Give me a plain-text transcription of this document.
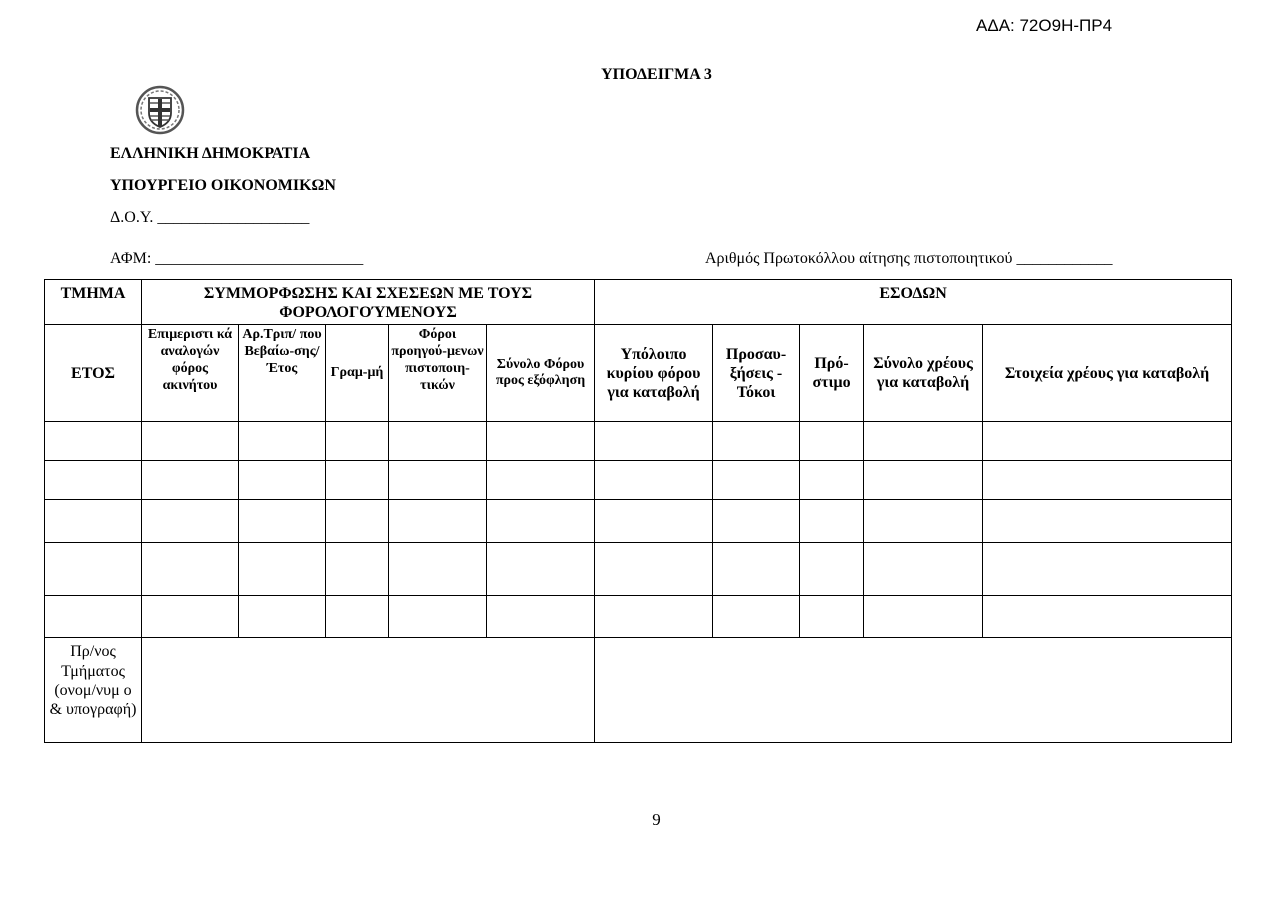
ΑΔΑ: 72Ο9Η-ΠΡ4
ΥΠΟΔΕΙΓΜΑ 3
ΕΛΛΗΝΙΚΗ ΔΗΜΟΚΡΑΤΙΑ
ΥΠΟΥΡΓΕΙΟ ΟΙΚΟΝΟΜΙΚΩΝ
Δ.Ο.Υ. ___________________
ΑΦΜ: __________________________	Αριθμός Πρωτοκόλλου αίτησης πιστοποιητικού ____________
ΤΜΗΜΑ	ΣΥΜΜΟΡΦΩΣΗΣ ΚΑΙ ΣΧΕΣΕΩΝ ΜΕ ΤΟΥΣ ΦΟΡΟΛΟΓΟΎΜΕΝΟΥΣ					ΕΣΟΔΩΝ				
ΕΤΟΣ	Επιμεριστι κά αναλογών φόρος ακινήτου	Αρ.Τριπ/ που Βεβαίω-σης/ Έτος	Γραμ-μή	Φόροι προηγού-μενων πιστοποιη-τικών	Σύνολο Φόρου προς εξόφληση	Υπόλοιπο κυρίου φόρου για καταβολή	Προσαυ-ξήσεις - Τόκοι	Πρό-στιμο	Σύνολο χρέους για καταβολή	Στοιχεία χρέους για καταβολή

Πρ/νος Τμήματος (ονομ/νυμ ο & υπογραφή)										
9
